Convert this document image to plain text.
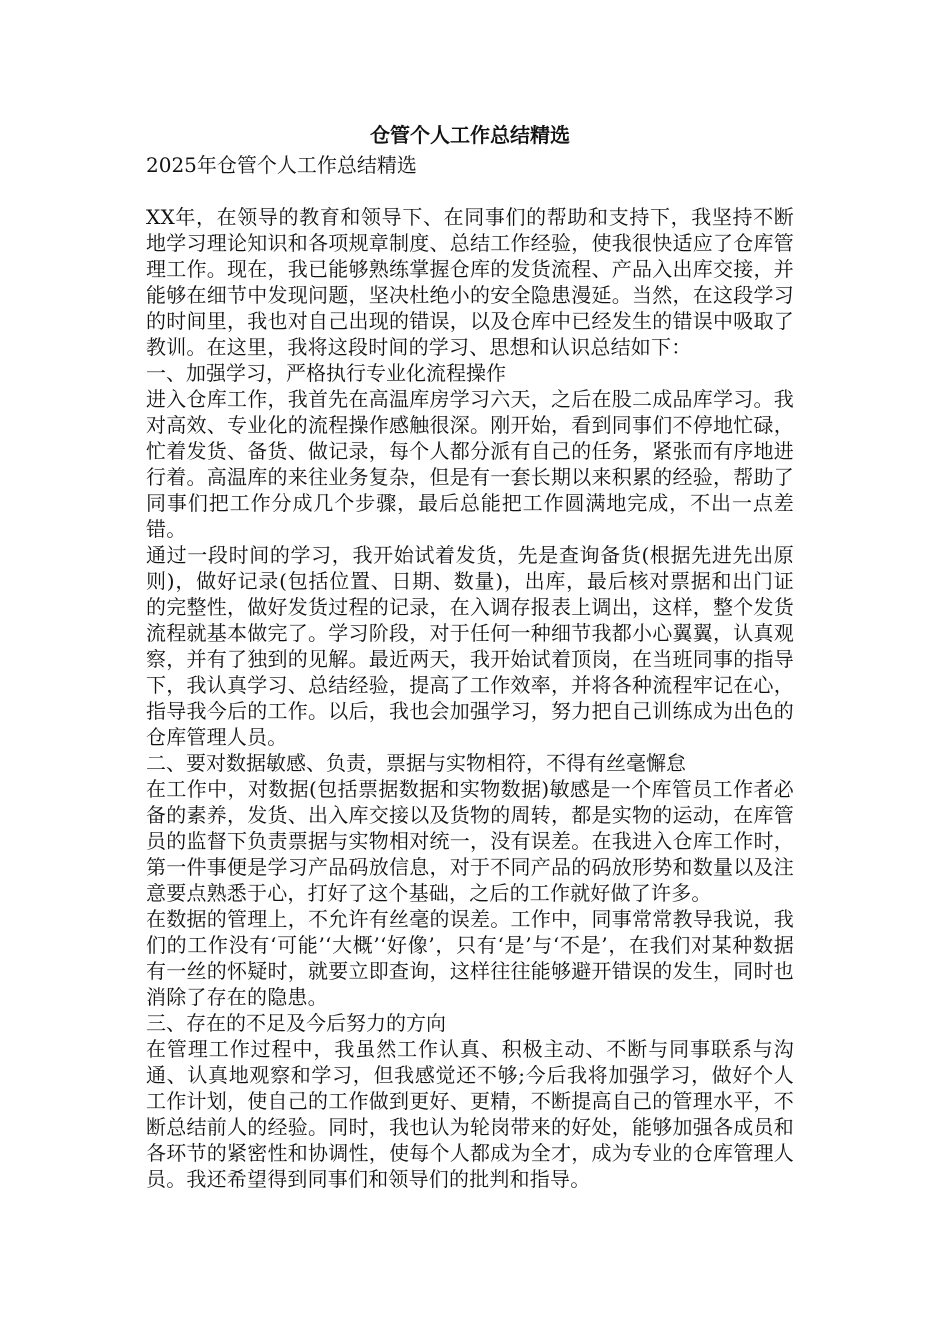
仓管个人工作总结精选

2025年仓管个人工作总结精选

XX年，在领导的教育和领导下、在同事们的帮助和支持下，我坚持不断地学习理论知识和各项规章制度、总结工作经验，使我很快适应了仓库管理工作。现在，我已能够熟练掌握仓库的发货流程、产品入出库交接，并能够在细节中发现问题，坚决杜绝小的安全隐患漫延。当然，在这段学习的时间里，我也对自己出现的错误，以及仓库中已经发生的错误中吸取了教训。在这里，我将这段时间的学习、思想和认识总结如下：

一、加强学习，严格执行专业化流程操作

进入仓库工作，我首先在高温库房学习六天，之后在股二成品库学习。我对高效、专业化的流程操作感触很深。刚开始，看到同事们不停地忙碌，忙着发货、备货、做记录，每个人都分派有自己的任务，紧张而有序地进行着。高温库的来往业务复杂，但是有一套长期以来积累的经验，帮助了同事们把工作分成几个步骤，最后总能把工作圆满地完成，不出一点差错。

通过一段时间的学习，我开始试着发货，先是查询备货(根据先进先出原则)，做好记录(包括位置、日期、数量)，出库，最后核对票据和出门证的完整性，做好发货过程的记录，在入调存报表上调出，这样，整个发货流程就基本做完了。学习阶段，对于任何一种细节我都小心翼翼，认真观察，并有了独到的见解。最近两天，我开始试着顶岗，在当班同事的指导下，我认真学习、总结经验，提高了工作效率，并将各种流程牢记在心，指导我今后的工作。以后，我也会加强学习，努力把自己训练成为出色的仓库管理人员。

二、要对数据敏感、负责，票据与实物相符，不得有丝毫懈怠

在工作中，对数据(包括票据数据和实物数据)敏感是一个库管员工作者必备的素养，发货、出入库交接以及货物的周转，都是实物的运动，在库管员的监督下负责票据与实物相对统一，没有误差。在我进入仓库工作时，第一件事便是学习产品码放信息，对于不同产品的码放形势和数量以及注意要点熟悉于心，打好了这个基础，之后的工作就好做了许多。

在数据的管理上，不允许有丝毫的误差。工作中，同事常常教导我说，我们的工作没有‘可能’‘大概’‘好像’，只有‘是’与‘不是’，在我们对某种数据有一丝的怀疑时，就要立即查询，这样往往能够避开错误的发生，同时也消除了存在的隐患。

三、存在的不足及今后努力的方向

在管理工作过程中，我虽然工作认真、积极主动、不断与同事联系与沟通、认真地观察和学习，但我感觉还不够;今后我将加强学习，做好个人工作计划，使自己的工作做到更好、更精，不断提高自己的管理水平，不断总结前人的经验。同时，我也认为轮岗带来的好处，能够加强各成员和各环节的紧密性和协调性，使每个人都成为全才，成为专业的仓库管理人员。我还希望得到同事们和领导们的批判和指导。
